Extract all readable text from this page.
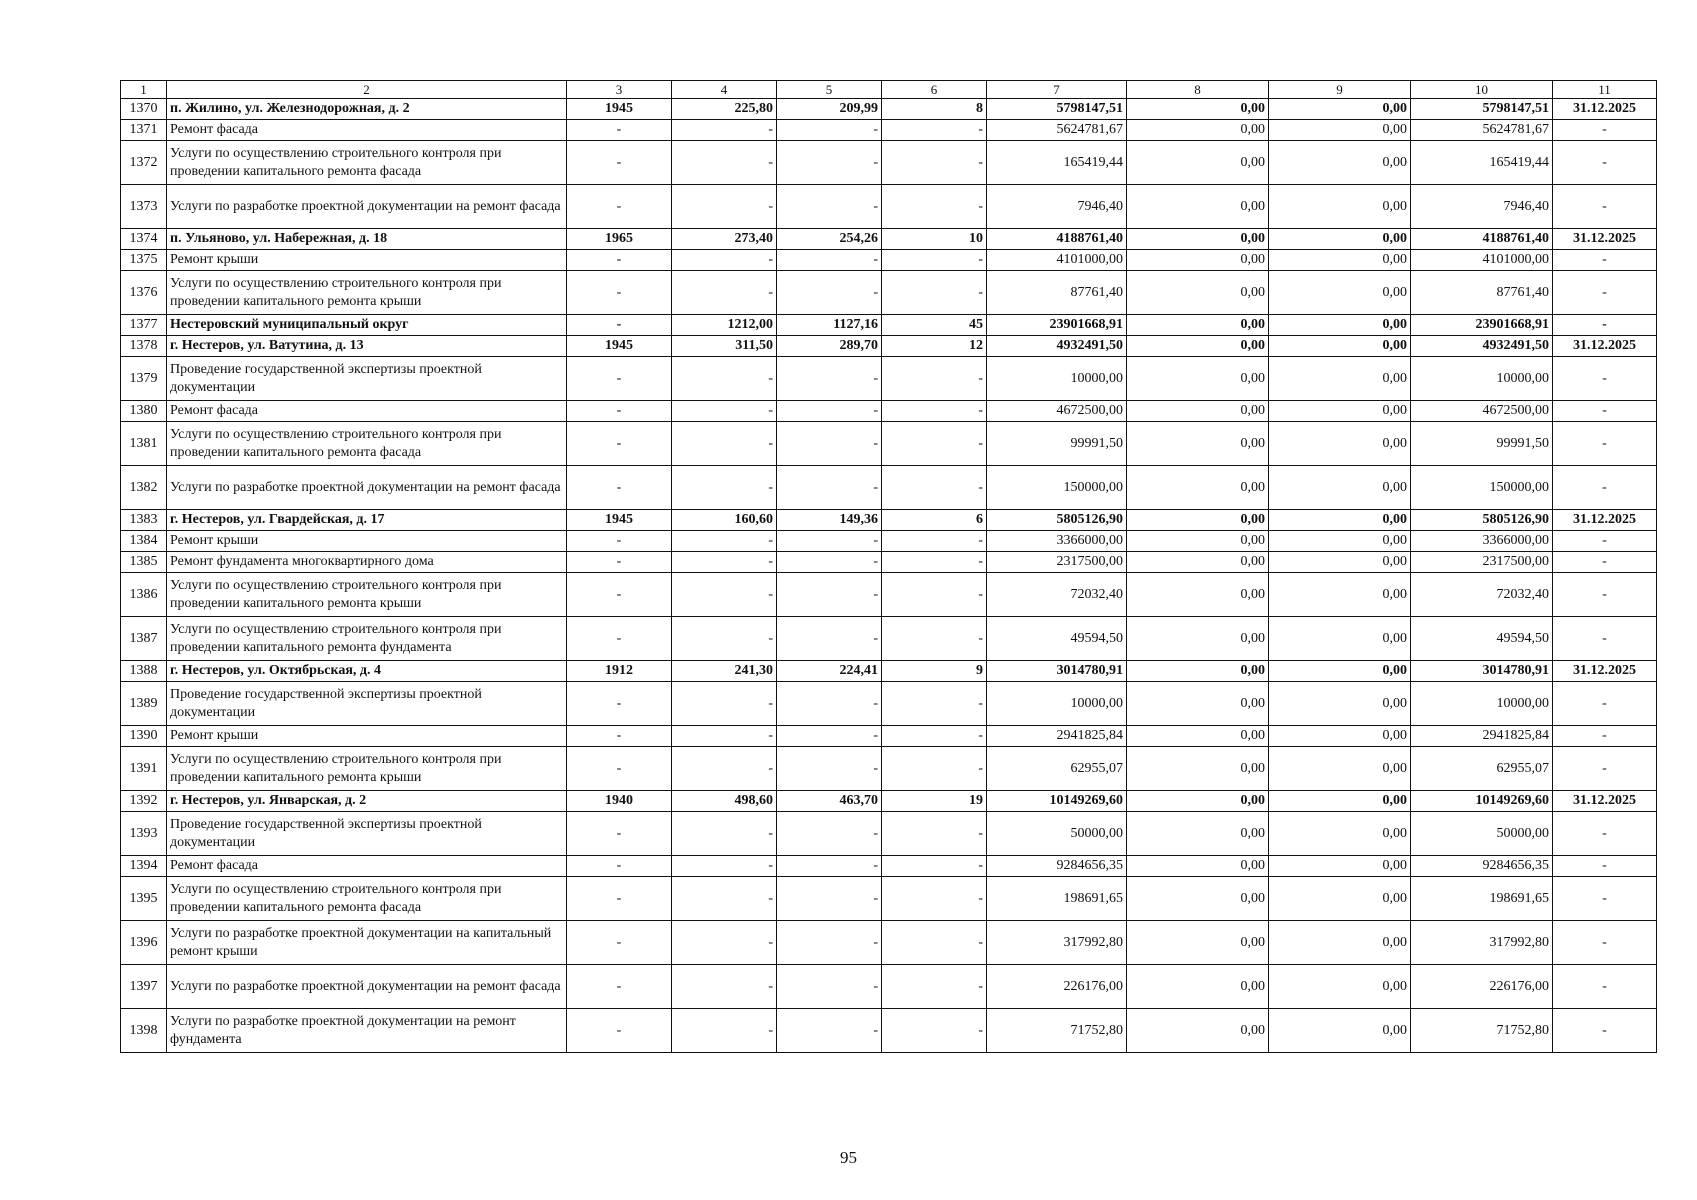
1	2	3	4	5	6	7	8	9	10	11
1370	п. Жилино, ул. Железнодорожная, д. 2	1945	225,80	209,99	8	5798147,51	0,00	0,00	5798147,51	31.12.2025
1371	Ремонт фасада	-	-	-	-	5624781,67	0,00	0,00	5624781,67	-
1372	Услуги по осуществлению строительного контроля при проведении капитального ремонта фасада	-	-	-	-	165419,44	0,00	0,00	165419,44	-
1373	Услуги по разработке проектной документации на ремонт фасада	-	-	-	-	7946,40	0,00	0,00	7946,40	-
1374	п. Ульяново, ул. Набережная, д. 18	1965	273,40	254,26	10	4188761,40	0,00	0,00	4188761,40	31.12.2025
1375	Ремонт крыши	-	-	-	-	4101000,00	0,00	0,00	4101000,00	-
1376	Услуги по осуществлению строительного контроля при проведении капитального ремонта крыши	-	-	-	-	87761,40	0,00	0,00	87761,40	-
1377	Нестеровский муниципальный округ	-	1212,00	1127,16	45	23901668,91	0,00	0,00	23901668,91	-
1378	г. Нестеров, ул. Ватутина, д. 13	1945	311,50	289,70	12	4932491,50	0,00	0,00	4932491,50	31.12.2025
1379	Проведение государственной экспертизы проектной документации	-	-	-	-	10000,00	0,00	0,00	10000,00	-
1380	Ремонт фасада	-	-	-	-	4672500,00	0,00	0,00	4672500,00	-
1381	Услуги по осуществлению строительного контроля при проведении капитального ремонта фасада	-	-	-	-	99991,50	0,00	0,00	99991,50	-
1382	Услуги по разработке проектной документации на ремонт фасада	-	-	-	-	150000,00	0,00	0,00	150000,00	-
1383	г. Нестеров, ул. Гвардейская, д. 17	1945	160,60	149,36	6	5805126,90	0,00	0,00	5805126,90	31.12.2025
1384	Ремонт крыши	-	-	-	-	3366000,00	0,00	0,00	3366000,00	-
1385	Ремонт фундамента многоквартирного дома	-	-	-	-	2317500,00	0,00	0,00	2317500,00	-
1386	Услуги по осуществлению строительного контроля при проведении капитального ремонта крыши	-	-	-	-	72032,40	0,00	0,00	72032,40	-
1387	Услуги по осуществлению строительного контроля при проведении капитального ремонта фундамента	-	-	-	-	49594,50	0,00	0,00	49594,50	-
1388	г. Нестеров, ул. Октябрьская, д. 4	1912	241,30	224,41	9	3014780,91	0,00	0,00	3014780,91	31.12.2025
1389	Проведение государственной экспертизы проектной документации	-	-	-	-	10000,00	0,00	0,00	10000,00	-
1390	Ремонт крыши	-	-	-	-	2941825,84	0,00	0,00	2941825,84	-
1391	Услуги по осуществлению строительного контроля при проведении капитального ремонта крыши	-	-	-	-	62955,07	0,00	0,00	62955,07	-
1392	г. Нестеров, ул. Январская, д. 2	1940	498,60	463,70	19	10149269,60	0,00	0,00	10149269,60	31.12.2025
1393	Проведение государственной экспертизы проектной документации	-	-	-	-	50000,00	0,00	0,00	50000,00	-
1394	Ремонт фасада	-	-	-	-	9284656,35	0,00	0,00	9284656,35	-
1395	Услуги по осуществлению строительного контроля при проведении капитального ремонта фасада	-	-	-	-	198691,65	0,00	0,00	198691,65	-
1396	Услуги по разработке проектной документации на капитальный ремонт крыши	-	-	-	-	317992,80	0,00	0,00	317992,80	-
1397	Услуги по разработке проектной документации на ремонт фасада	-	-	-	-	226176,00	0,00	0,00	226176,00	-
1398	Услуги по разработке проектной документации на ремонт фундамента	-	-	-	-	71752,80	0,00	0,00	71752,80	-
95
